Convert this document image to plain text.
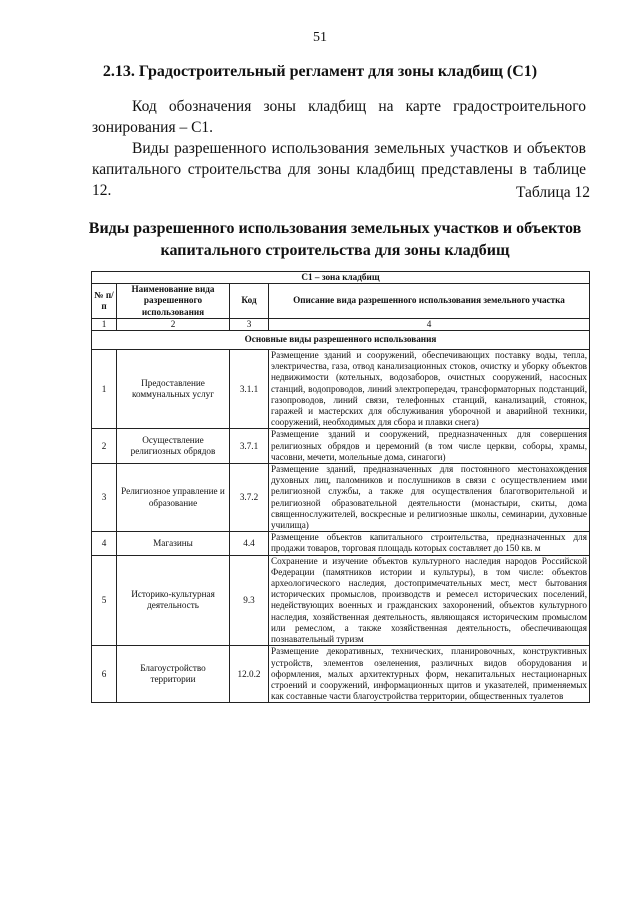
51
2.13. Градостроительный регламент для зоны кладбищ (С1)
Код обозначения зоны кладбищ на карте градостроительного зонирования – С1.
Виды разрешенного использования земельных участков и объектов капитального строительства для зоны кладбищ представлены в таблице 12.	Таблица 12
Виды разрешенного использования земельных участков и объектов капитального строительства для зоны кладбищ
С1 – зона кладбищ			
№ п/п	Наименование вида разрешенного использования	Код	Описание вида разрешенного использования земельного участка
1	2	3	4
Основные виды разрешенного использования			
1	Предоставление коммунальных услуг	3.1.1	Размещение зданий и сооружений, обеспечивающих поставку воды, тепла, электричества, газа, отвод канализационных стоков, очистку и уборку объектов недвижимости (котельных, водозаборов, очистных сооружений, насосных станций, водопроводов, линий электропередач, трансформаторных подстанций, газопроводов, линий связи, телефонных станций, канализаций, стоянок, гаражей и мастерских для обслуживания уборочной и аварийной техники, сооружений, необходимых для сбора и плавки снега)
2	Осуществление религиозных обрядов	3.7.1	Размещение зданий и сооружений, предназначенных для совершения религиозных обрядов и церемоний (в том числе церкви, соборы, храмы, часовни, мечети, молельные дома, синагоги)
3	Религиозное управление и образование	3.7.2	Размещение зданий, предназначенных для постоянного местонахождения духовных лиц, паломников и послушников в связи с осуществлением ими религиозной службы, а также для осуществления благотворительной и религиозной образовательной деятельности (монастыри, скиты, дома священнослужителей, воскресные и религиозные школы, семинарии, духовные училища)
4	Магазины	4.4	Размещение объектов капитального строительства, предназначенных для продажи товаров, торговая площадь которых составляет до 150 кв. м
5	Историко-культурная деятельность	9.3	Сохранение и изучение объектов культурного наследия народов Российской Федерации (памятников истории и культуры), в том числе: объектов археологического наследия, достопримечательных мест, мест бытования исторических промыслов, производств и ремесел исторических поселений, недействующих военных и гражданских захоронений, объектов культурного наследия, хозяйственная деятельность, являющаяся историческим промыслом или ремеслом, а также хозяйственная деятельность, обеспечивающая познавательный туризм
6	Благоустройство территории	12.0.2	Размещение декоративных, технических, планировочных, конструктивных устройств, элементов озеленения, различных видов оборудования и оформления, малых архитектурных форм, некапитальных нестационарных строений и сооружений, информационных щитов и указателей, применяемых как составные части благоустройства территории, общественных туалетов
